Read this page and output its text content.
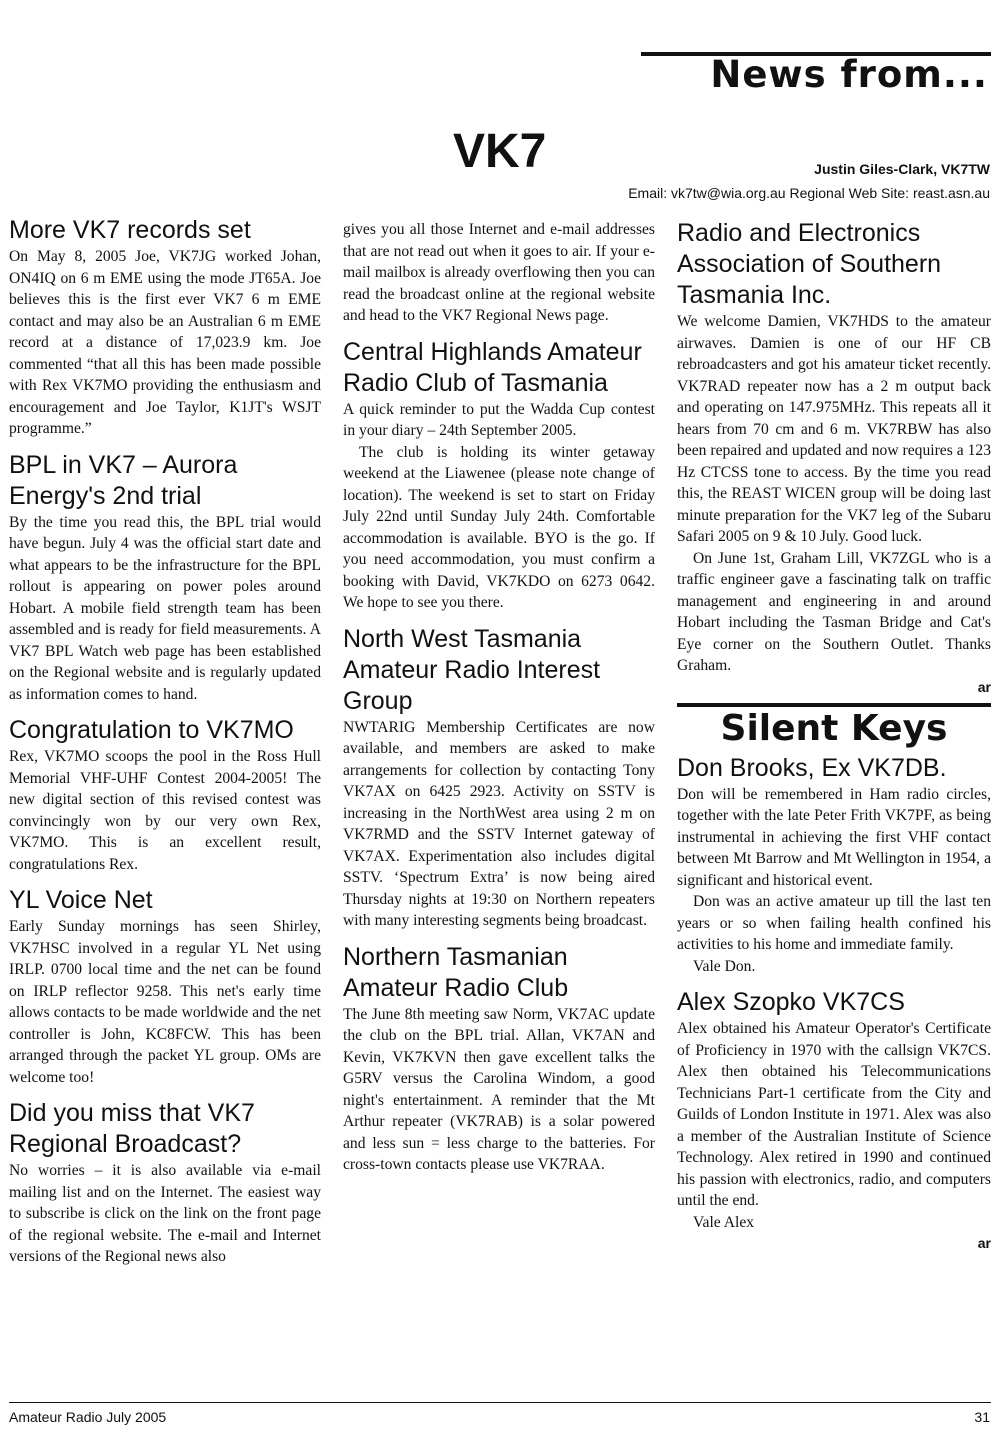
News from...
VK7	Justin Giles-Clark, VK7TW
Email: vk7tw@wia.org.au Regional Web Site: reast.asn.au
More VK7 records set

On May 8, 2005 Joe, VK7JG worked Johan, ON4IQ on 6 m EME using the mode JT65A. Joe believes this is the first ever VK7 6 m EME contact and may also be an Australian 6 m EME record at a distance of 17,023.9 km. Joe commented “that all this has been made possible with Rex VK7MO providing the enthusiasm and encouragement and Joe Taylor, K1JT's WSJT programme.”

BPL in VK7 – Aurora Energy's 2nd trial

By the time you read this, the BPL trial would have begun. July 4 was the official start date and what appears to be the infrastructure for the BPL rollout is appearing on power poles around Hobart. A mobile field strength team has been assembled and is ready for field measurements. A VK7 BPL Watch web page has been established on the Regional website and is regularly updated as information comes to hand.

Congratulation to VK7MO

Rex, VK7MO scoops the pool in the Ross Hull Memorial VHF-UHF Contest 2004-2005! The new digital section of this revised contest was convincingly won by our very own Rex, VK7MO. This is an excellent result, congratulations Rex.

YL Voice Net

Early Sunday mornings has seen Shirley, VK7HSC involved in a regular YL Net using IRLP. 0700 local time and the net can be found on IRLP reflector 9258. This net's early time allows contacts to be made worldwide and the net controller is John, KC8FCW. This has been arranged through the packet YL group. OMs are welcome too!

Did you miss that VK7 Regional Broadcast?

No worries – it is also available via e-mail mailing list and on the Internet. The easiest way to subscribe is click on the link on the front page of the regional website. The e-mail and Internet versions of the Regional news also

gives you all those Internet and e-mail addresses that are not read out when it goes to air. If your e-mail mailbox is already overflowing then you can read the broadcast online at the regional website and head to the VK7 Regional News page.

Central Highlands Amateur Radio Club of Tasmania

A quick reminder to put the Wadda Cup contest in your diary – 24th September 2005.

The club is holding its winter getaway weekend at the Liawenee (please note change of location). The weekend is set to start on Friday July 22nd until Sunday July 24th. Comfortable accommodation is available. BYO is the go. If you need accommodation, you must confirm a booking with David, VK7KDO on 6273 0642. We hope to see you there.

North West Tasmania Amateur Radio Interest Group

NWTARIG Membership Certificates are now available, and members are asked to make arrangements for collection by contacting Tony VK7AX on 6425 2923. Activity on SSTV is increasing in the NorthWest area using 2 m on VK7RMD and the SSTV Internet gateway of VK7AX. Experimentation also includes digital SSTV. ‘Spectrum Extra’ is now being aired Thursday nights at 19:30 on Northern repeaters with many interesting segments being broadcast.

Northern Tasmanian Amateur Radio Club

The June 8th meeting saw Norm, VK7AC update the club on the BPL trial. Allan, VK7AN and Kevin, VK7KVN then gave excellent talks the G5RV versus the Carolina Windom, a good night's entertainment. A reminder that the Mt Arthur repeater (VK7RAB) is a solar powered and less sun = less charge to the batteries. For cross-town contacts please use VK7RAA.

Radio and Electronics Association of Southern Tasmania Inc.

We welcome Damien, VK7HDS to the amateur airwaves. Damien is one of our HF CB rebroadcasters and got his amateur ticket recently. VK7RAD repeater now has a 2 m output back and operating on 147.975MHz. This repeats all it hears from 70 cm and 6 m. VK7RBW has also been repaired and updated and now requires a 123 Hz CTCSS tone to access. By the time you read this, the REAST WICEN group will be doing last minute preparation for the VK7 leg of the Subaru Safari 2005 on 9 & 10 July. Good luck.

On June 1st, Graham Lill, VK7ZGL who is a traffic engineer gave a fascinating talk on traffic management and engineering in and around Hobart including the Tasman Bridge and Cat's Eye corner on the Southern Outlet. Thanks Graham.

ar
Silent Keys
Don Brooks, Ex VK7DB.

Don will be remembered in Ham radio circles, together with the late Peter Frith VK7PF, as being instrumental in achieving the first VHF contact between Mt Barrow and Mt Wellington in 1954, a significant and historical event.

Don was an active amateur up till the last ten years or so when failing health confined his activities to his home and immediate family.

Vale Don.

Alex Szopko VK7CS

Alex obtained his Amateur Operator's Certificate of Proficiency in 1970 with the callsign VK7CS. Alex then obtained his Telecommunications Technicians Part-1 certificate from the City and Guilds of London Institute in 1971. Alex was also a member of the Australian Institute of Science Technology. Alex retired in 1990 and continued his passion with electronics, radio, and computers until the end.

Vale Alex

ar
Amateur Radio July 2005	31
